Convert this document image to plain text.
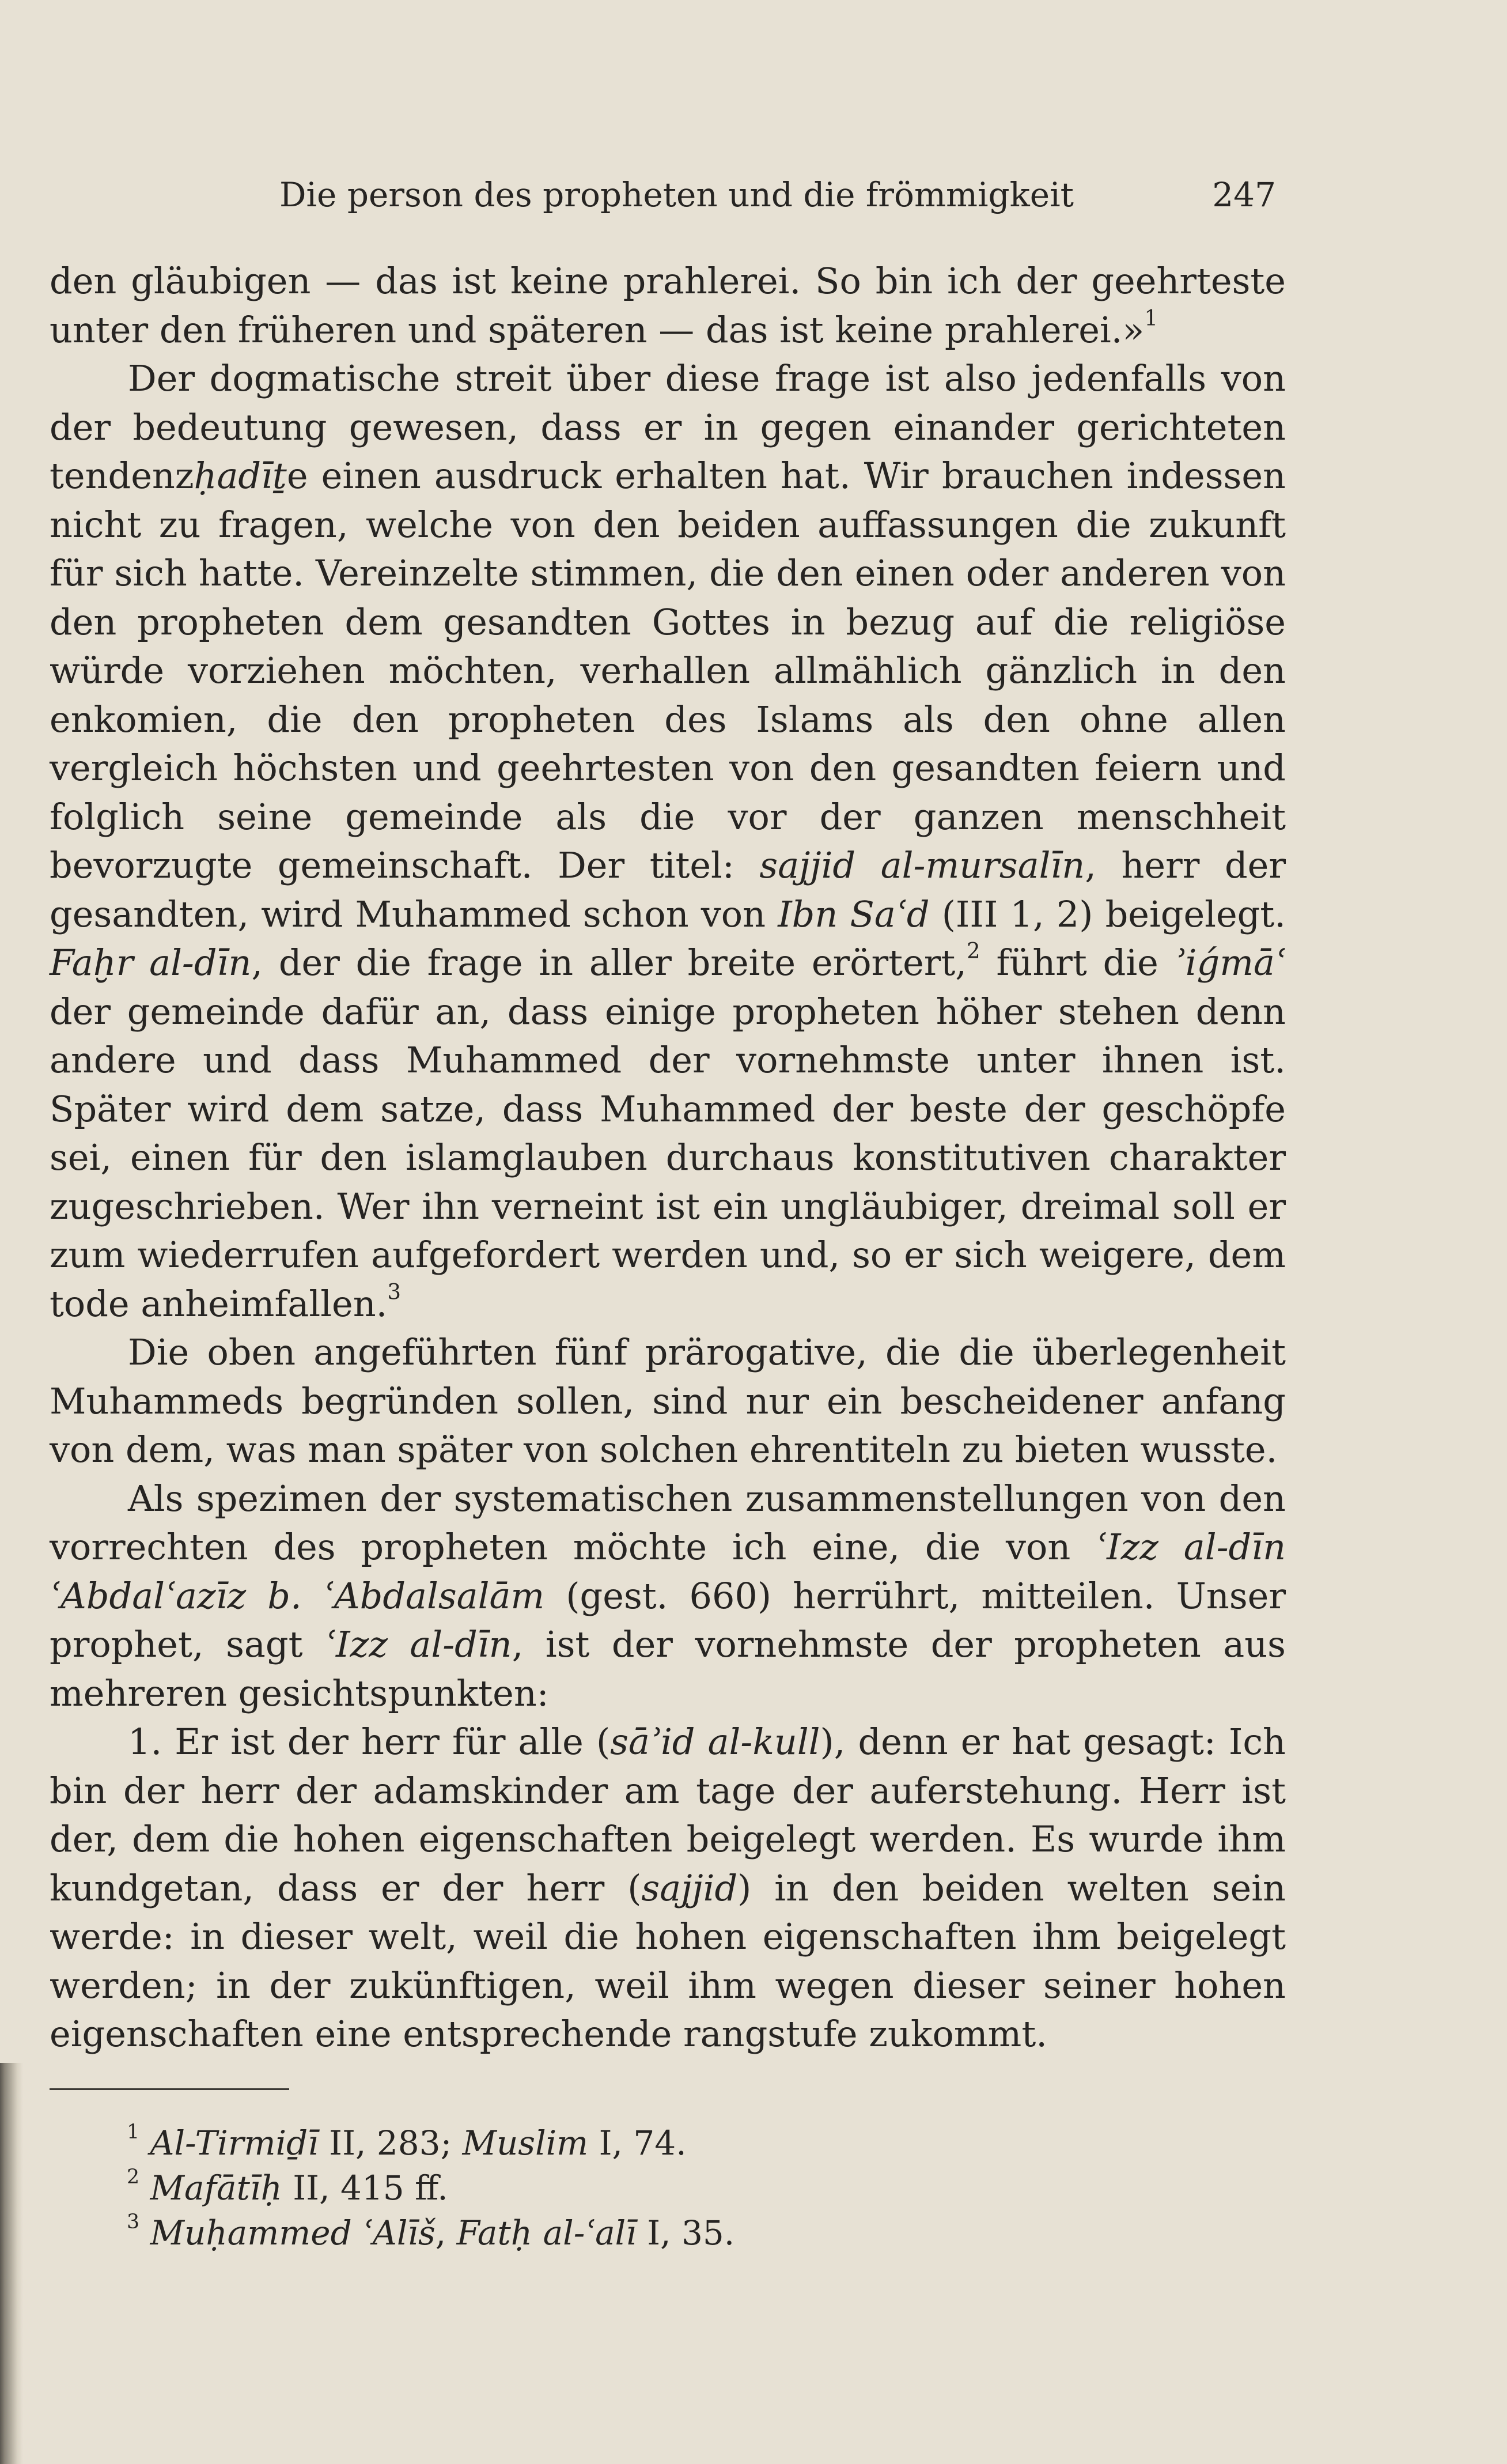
Die person des propheten und die frömmigkeit	247

den gläubigen — das ist keine prahlerei. So bin ich der geehrteste unter den früheren und späteren — das ist keine prahlerei.»$^1$

Der dogmatische streit über diese frage ist also jedenfalls von der bedeutung gewesen, dass er in gegen einander gerichteten tendenzḥadīṯe einen ausdruck erhalten hat. Wir brauchen indessen nicht zu fragen, welche von den beiden auffassungen die zukunft für sich hatte. Vereinzelte stimmen, die den einen oder anderen von den propheten dem gesandten Gottes in bezug auf die religiöse würde vorziehen möchten, verhallen allmählich gänzlich in den enkomien, die den propheten des Islams als den ohne allen vergleich höchsten und geehrtesten von den gesandten feiern und folglich seine gemeinde als die vor der ganzen menschheit bevorzugte gemeinschaft. Der titel: sajjid al-mursalīn, herr der gesandten, wird Muhammed schon von Ibn Saʿd (III 1, 2) beigelegt. Faḫr al-dīn, der die frage in aller breite erörtert,$^2$ führt die ʾiǵmāʿ der gemeinde dafür an, dass einige propheten höher stehen denn andere und dass Muhammed der vornehmste unter ihnen ist. Später wird dem satze, dass Muhammed der beste der geschöpfe sei, einen für den islamglauben durchaus konstitutiven charakter zugeschrieben. Wer ihn verneint ist ein ungläubiger, dreimal soll er zum wiederrufen aufgefordert werden und, so er sich weigere, dem tode anheimfallen.$^3$

Die oben angeführten fünf prärogative, die die überlegenheit Muhammeds begründen sollen, sind nur ein bescheidener anfang von dem, was man später von solchen ehrentiteln zu bieten wusste.

Als spezimen der systematischen zusammenstellungen von den vorrechten des propheten möchte ich eine, die von ʿIzz al-dīn ʿAbdalʿazīz b. ʿAbdalsalām (gest. 660) herrührt, mitteilen. Unser prophet, sagt ʿIzz al-dīn, ist der vornehmste der propheten aus mehreren gesichtspunkten:

1. Er ist der herr für alle (sāʾid al-kull), denn er hat gesagt: Ich bin der herr der adamskinder am tage der auferstehung. Herr ist der, dem die hohen eigenschaften beigelegt werden. Es wurde ihm kundgetan, dass er der herr (sajjid) in den beiden welten sein werde: in dieser welt, weil die hohen eigenschaften ihm beigelegt werden; in der zukünftigen, weil ihm wegen dieser seiner hohen eigenschaften eine entsprechende rangstufe zukommt.

$^1$ Al-Tirmiḏī II, 283; Muslim I, 74.
$^2$ Mafātīḥ II, 415 ff.
$^3$ Muḥammed ʿAlīš, Fatḥ al-ʿalī I, 35.
